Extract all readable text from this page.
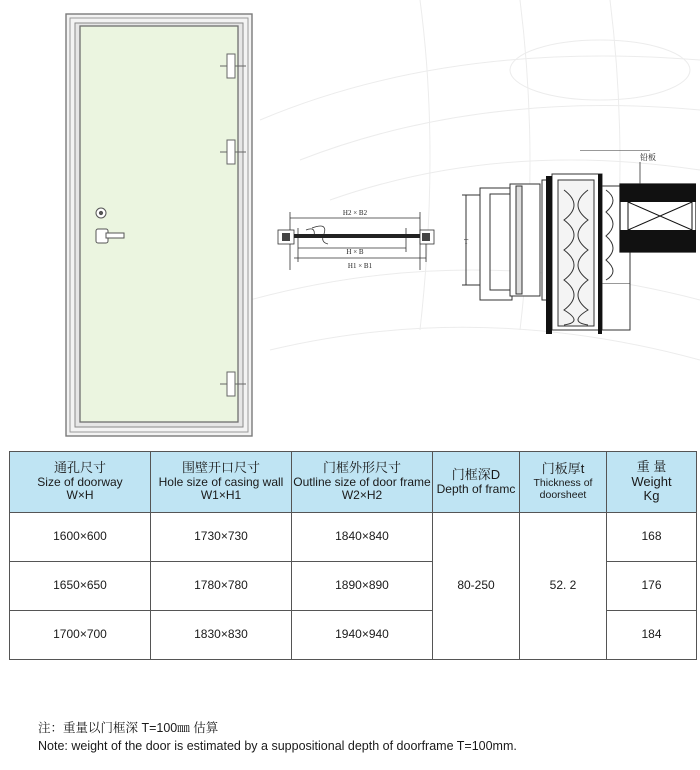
H2 × B2
H × B
H1 × B1
铅板
T
通孔尺寸
Size of doorway
W×H	围壁开口尺寸
Hole size of casing wall
W1×H1	门框外形尺寸
Outline size of door frame
W2×H2	门框深D
Depth of framc	门板厚t
Thickness of doorsheet	重 量
Weight
Kg

1600×600	1730×730	1840×840	80-250	52. 2	168
1650×650	1780×780	1890×890			176
1700×700	1830×830	1940×940			184
注：重量以门框深 T=100㎜ 估算
Note: weight of the door is estimated by a suppositional depth of doorframe T=100mm.
